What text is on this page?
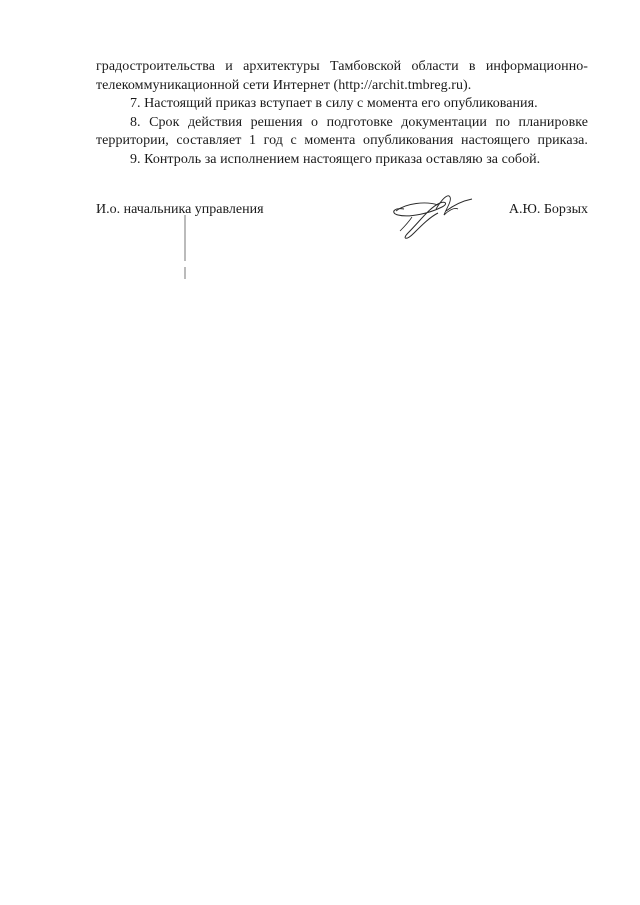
градостроительства и архитектуры Тамбовской области в информационно-

телекоммуникационной сети Интернет (http://archit.tmbreg.ru).

7. Настоящий приказ вступает в силу с момента его опубликования.

8. Срок действия решения о подготовке документации по планировке

территории, составляет 1 год с момента опубликования настоящего приказа.

9. Контроль за исполнением настоящего приказа оставляю за собой.

И.о. начальника управления	А.Ю. Борзых
